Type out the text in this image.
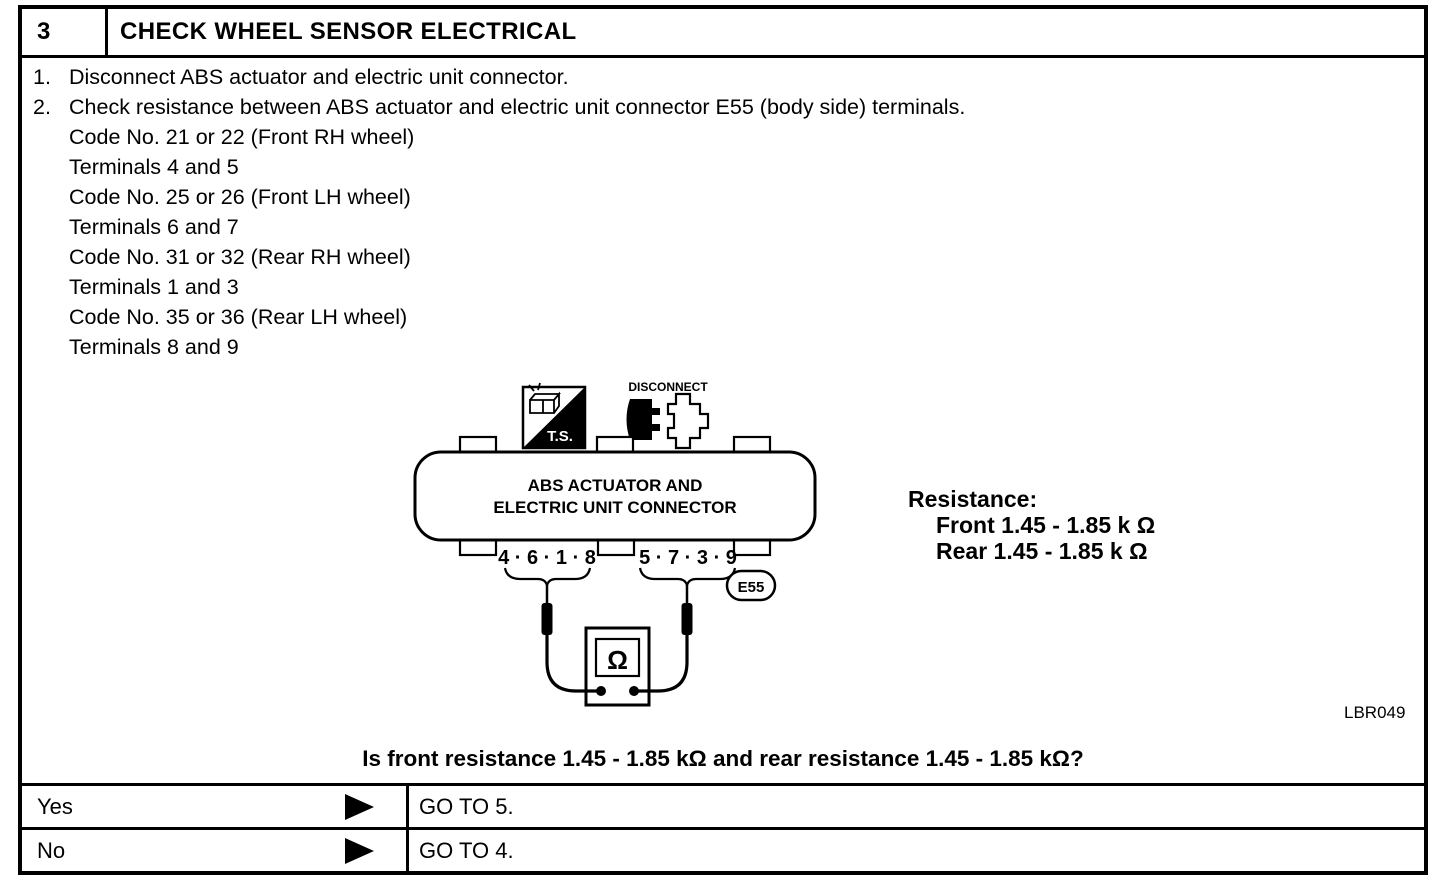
3	CHECK WHEEL SENSOR ELECTRICAL
1. Disconnect ABS actuator and electric unit connector.
2. Check resistance between ABS actuator and electric unit connector E55 (body side) terminals.
Code No. 21 or 22 (Front RH wheel)
Terminals 4 and 5
Code No. 25 or 26 (Front LH wheel)
Terminals 6 and 7
Code No. 31 or 32 (Rear RH wheel)
Terminals 1 and 3
Code No. 35 or 36 (Rear LH wheel)
Terminals 8 and 9
T.S.
DISCONNECT
ABS ACTUATOR AND
ELECTRIC UNIT CONNECTOR
4 · 6 · 1 · 8 5 · 7 · 3 · 9
E55
Ω
Resistance:
Front 1.45 - 1.85 k Ω
Rear 1.45 - 1.85 k Ω
LBR049
Is front resistance 1.45 - 1.85 kΩ and rear resistance 1.45 - 1.85 kΩ?
Yes	GO TO 5.
No	GO TO 4.
